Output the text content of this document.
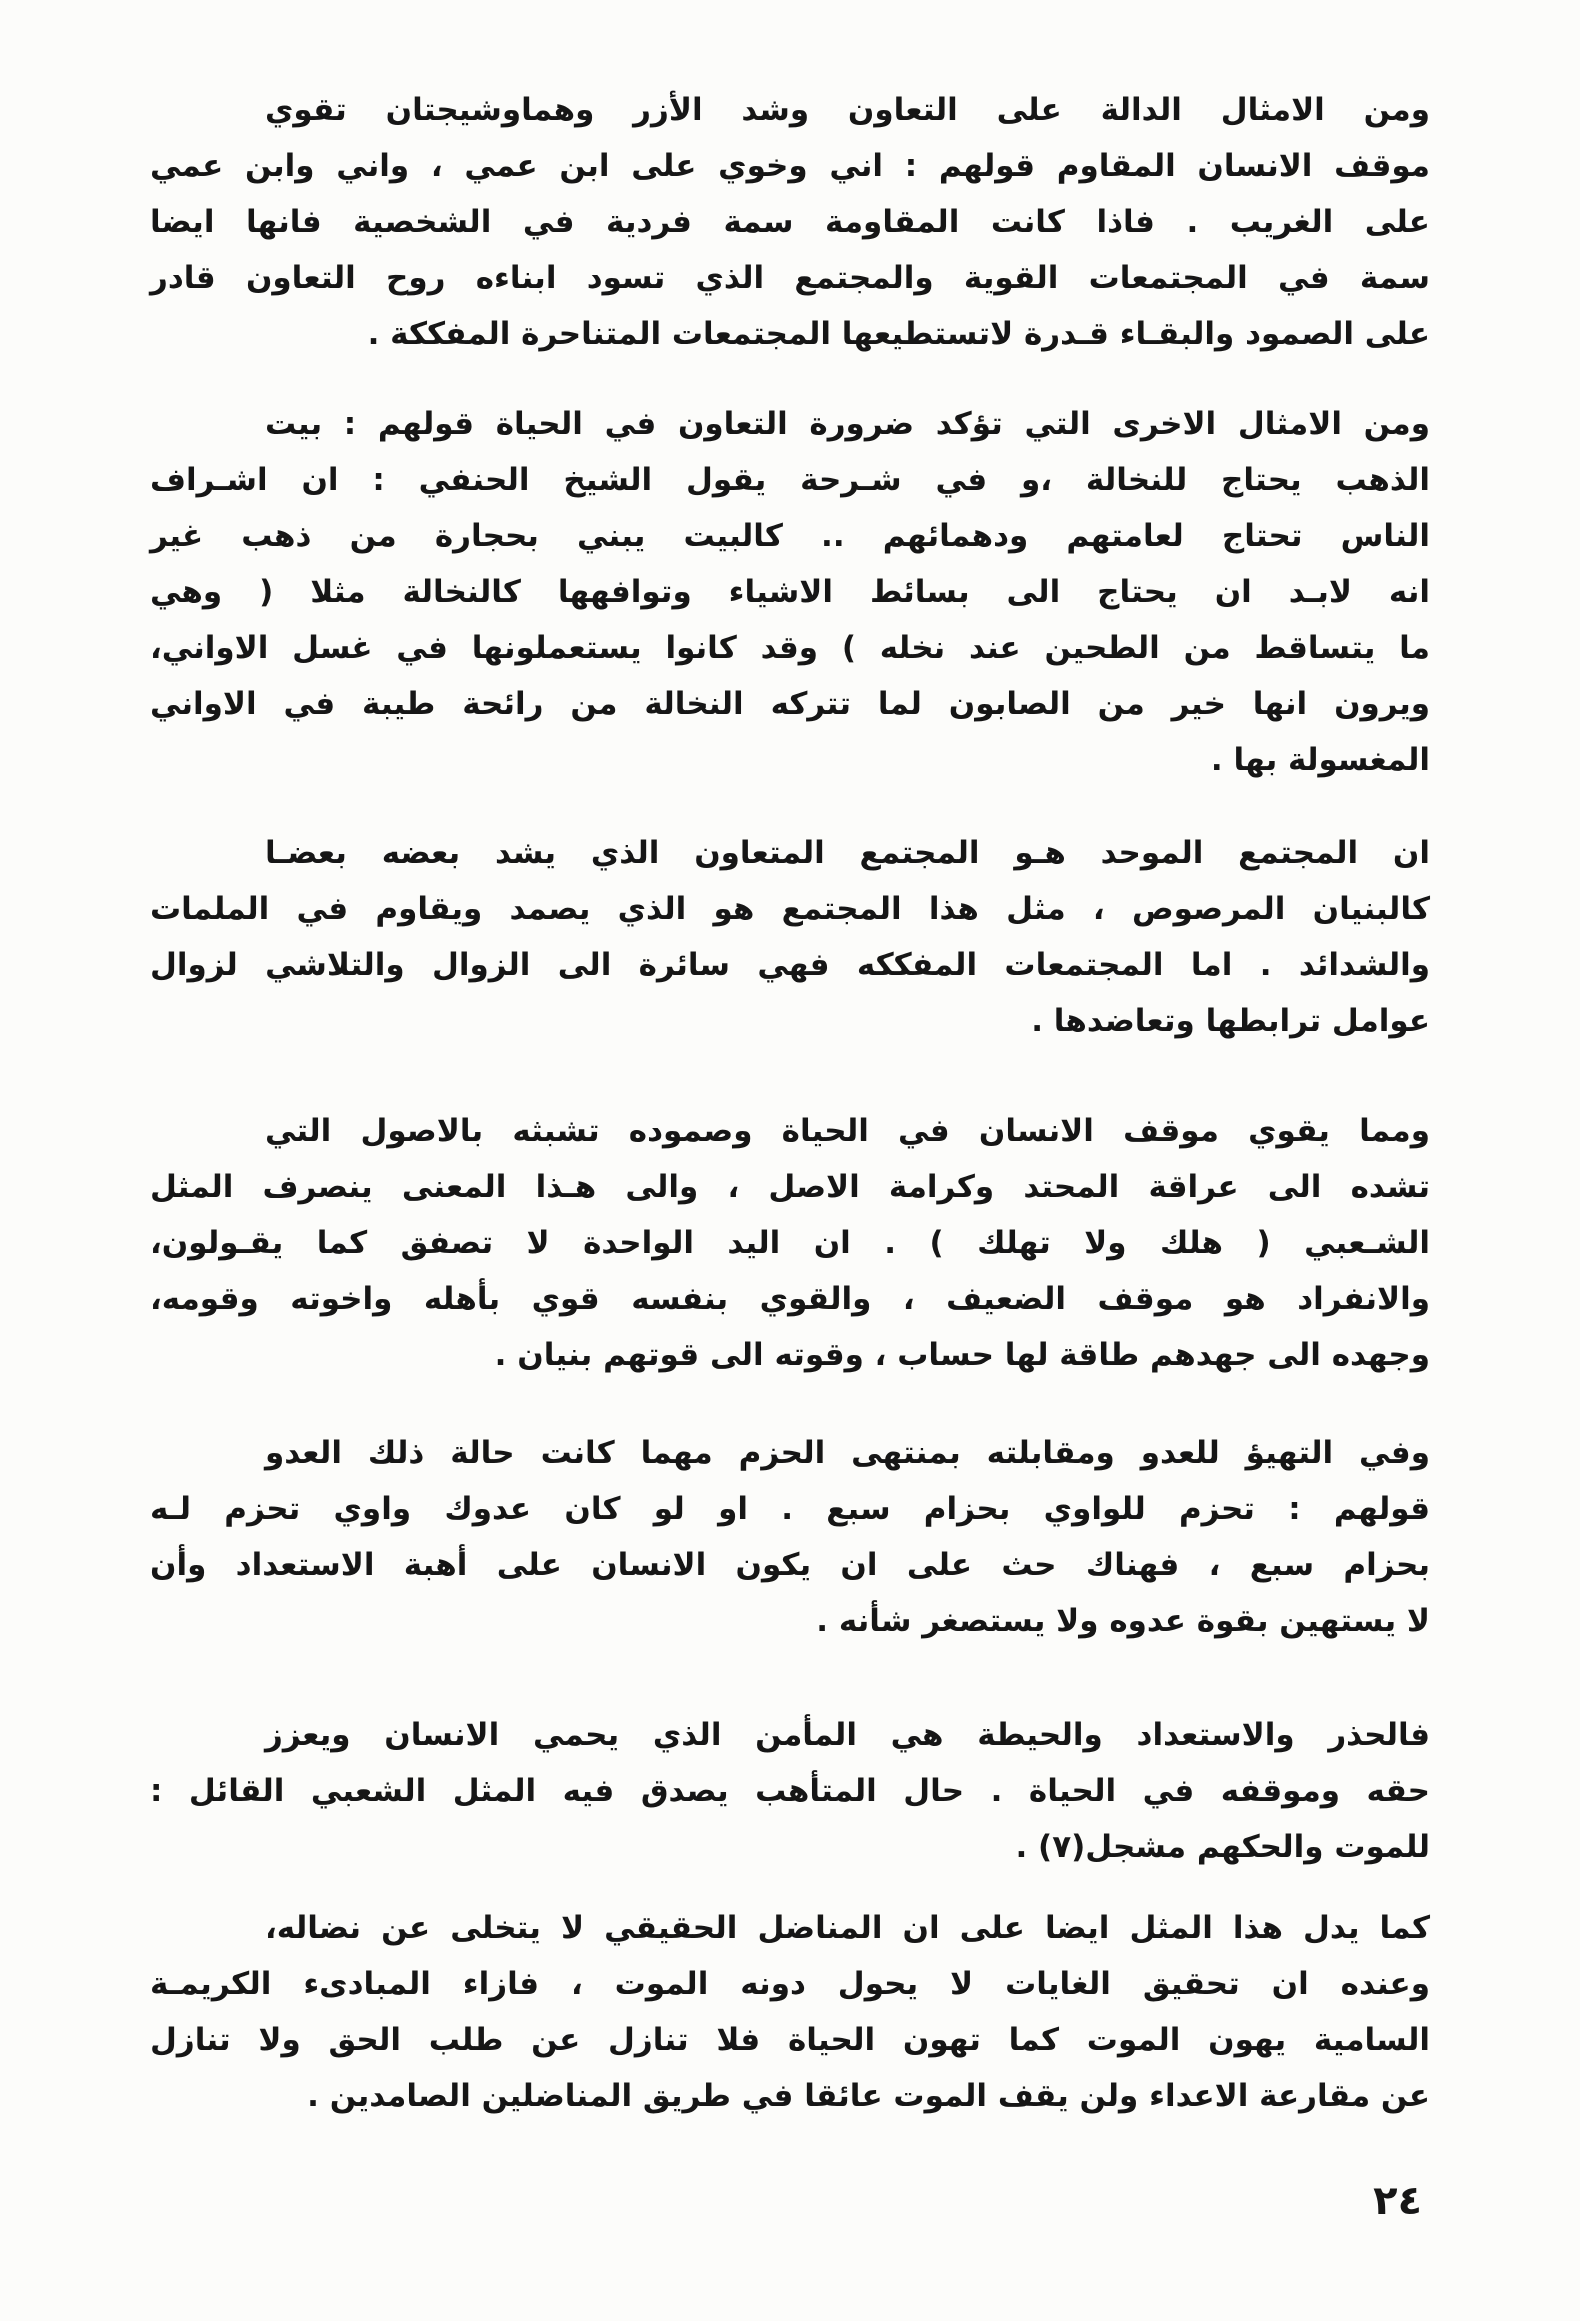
٢٤
ومن الامثال الدالة على التعاون وشد الأزر وهماوشيجتان تقوي
موقف الانسان المقاوم قولهم : اني وخوي على ابن عمي ، واني وابن عمي
على الغريب . فاذا كانت المقاومة سمة فردية في الشخصية فانها ايضا
سمة في المجتمعات القوية والمجتمع الذي تسود ابناءه روح التعاون قادر
على الصمود والبقـاء قـدرة لاتستطيعها المجتمعات المتناحرة المفككة .
ومن الامثال الاخرى التي تؤكد ضرورة التعاون في الحياة قولهم : بيت
الذهب يحتاج للنخالة ،و في شـرحة يقول الشيخ الحنفي : ان اشـراف
الناس تحتاج لعامتهم ودهمائهم .. كالبيت يبني بحجارة من ذهب غير
انه لابـد ان يحتاج الى بسائط الاشياء وتوافهها كالنخالة مثلا ( وهي
ما يتساقط من الطحين عند نخله ) وقد كانوا يستعملونها في غسل الاواني،
ويرون انها خير من الصابون لما تتركه النخالة من رائحة طيبة في الاواني
المغسولة بها .
ان المجتمع الموحد هـو المجتمع المتعاون الذي يشد بعضه بعضـا
كالبنيان المرصوص ، مثل هذا المجتمع هو الذي يصمد ويقاوم في الملمات
والشدائد . اما المجتمعات المفككه فهي سائرة الى الزوال والتلاشي لزوال
عوامل ترابطها وتعاضدها .
ومما يقوي موقف الانسان في الحياة وصموده تشبثه بالاصول التي
تشده الى عراقة المحتد وكرامة الاصل ، والى هـذا المعنى ينصرف المثل
الشـعبي ( هلك ولا تهلك ) . ان اليد الواحدة لا تصفق كما يقـولون،
والانفراد هو موقف الضعيف ، والقوي بنفسه قوي بأهله واخوته وقومه،
وجهده الى جهدهم طاقة لها حساب ، وقوته الى قوتهم بنيان .
وفي التهيؤ للعدو ومقابلته بمنتهى الحزم مهما كانت حالة ذلك العدو
قولهم : تحزم للواوي بحزام سبع . او لو كان عدوك واوي تحزم لـه
بحزام سبع ، فهناك حث على ان يكون الانسان على أهبة الاستعداد وأن
لا يستهين بقوة عدوه ولا يستصغر شأنه .
فالحذر والاستعداد والحيطة هي المأمن الذي يحمي الانسان ويعزز
حقه وموقفه في الحياة . حال المتأهب يصدق فيه المثل الشعبي القائل :
للموت والحكهم مشجل(٧) .
كما يدل هذا المثل ايضا على ان المناضل الحقيقي لا يتخلى عن نضاله،
وعنده ان تحقيق الغايات لا يحول دونه الموت ، فازاء المبادىء الكريمـة
السامية يهون الموت كما تهون الحياة فلا تنازل عن طلب الحق ولا تنازل
عن مقارعة الاعداء ولن يقف الموت عائقا في طريق المناضلين الصامدين .
